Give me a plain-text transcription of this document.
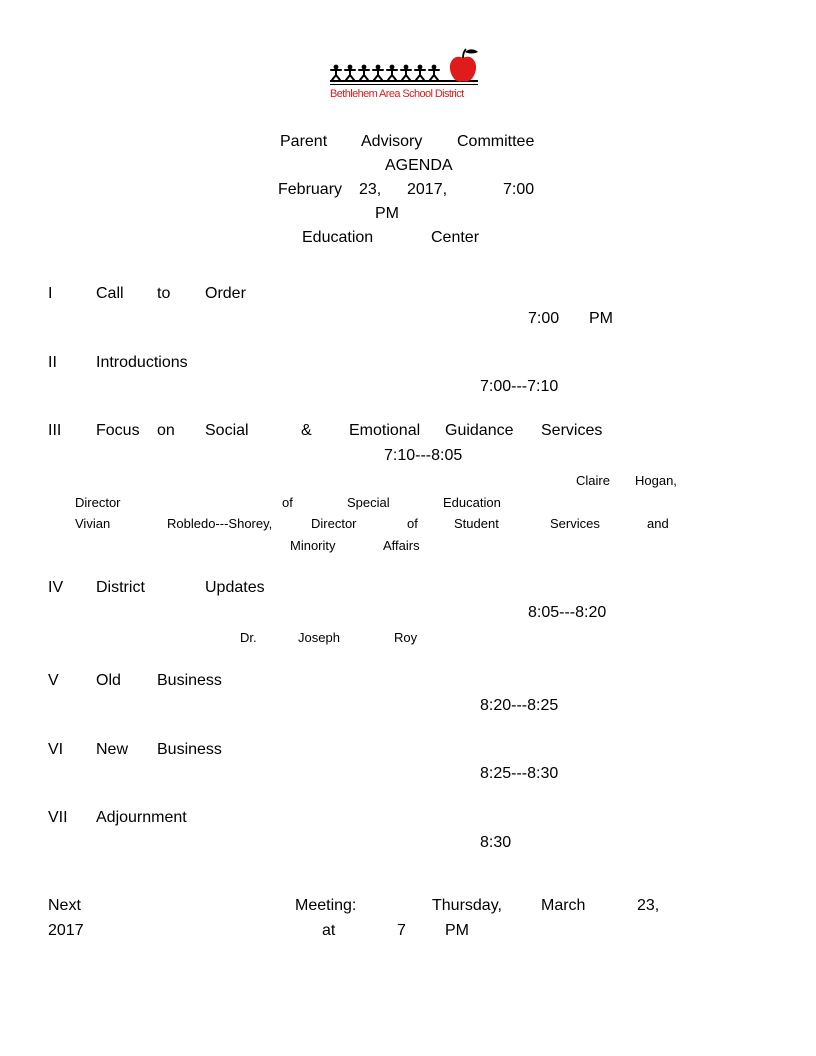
Bethlehem Area School District
Parent Advisory Committee
AGENDA
February 23, 2017,	7:00
PM
Education	Center
I	Call to Order
7:00 PM
II Introductions
7:00---7:10
III Focus on Social	& Emotional Guidance Services
7:10---8:05
Claire Hogan,
Director	of	Special	Education
Vivian	Robledo---Shorey,	Director	of	Student	Services	and
Minority	Affairs
IV District	Updates
8:05---8:20
Dr.	Joseph	Roy
V Old Business
8:20---8:25
VI New Business
8:25---8:30
VII Adjournment
8:30
Next	Meeting:	Thursday, March	23,
2017	at	7 PM
